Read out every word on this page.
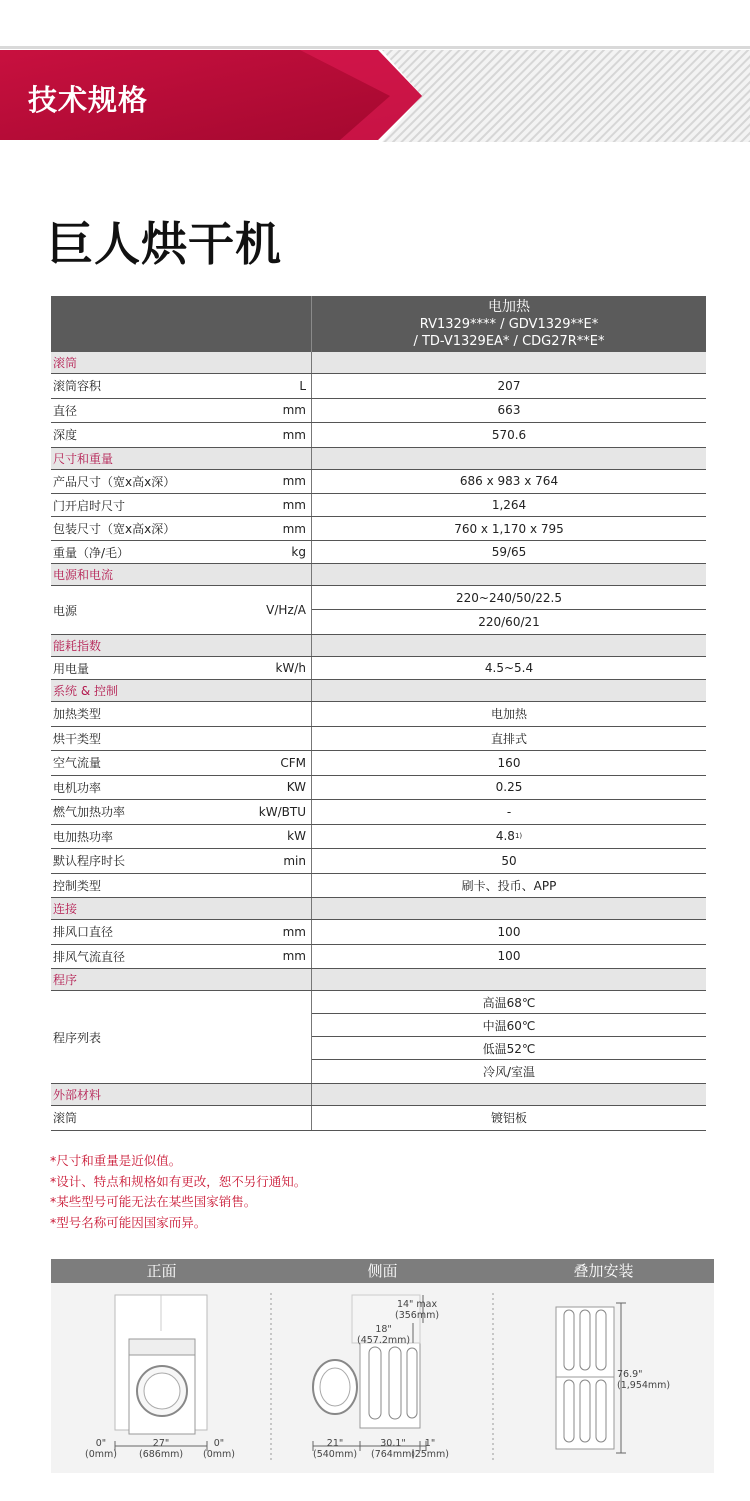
技术规格
巨人烘干机
电加热
RV1329**** / GDV1329**E*
/ TD-V1329EA* / CDG27R**E*
滚筒
滚筒容积	L	207
直径	mm	663
深度	mm	570.6
尺寸和重量
产品尺寸（宽x高x深）	mm	686 x 983 x 764
门开启时尺寸	mm	1,264
包装尺寸（宽x高x深）	mm	760 x 1,170 x 795
重量（净/毛）	kg	59/65
电源和电流
电源	V/Hz/A
220~240/50/22.5
220/60/21
能耗指数
用电量	kW/h	4.5~5.4
系统 & 控制
加热类型	电加热
烘干类型	直排式
空气流量	CFM	160
电机功率	KW	0.25
燃气加热功率	kW/BTU	-
电加热功率	kW	4.8 1)
默认程序时长	min	50
控制类型	刷卡、投币、APP
连接
排风口直径	mm	100
排风气流直径	mm	100
程序
程序列表
高温68℃
中温60℃
低温52℃
冷风/室温
外部材料
滚筒	镀铝板
*尺寸和重量是近似值。
*设计、特点和规格如有更改，恕不另行通知。
*某些型号可能无法在某些国家销售。
*型号名称可能因国家而异。
正面	侧面	叠加安装
0"
(0mm)
27"
(686mm)
0"
(0mm)
14" max
(356mm)
18"
(457.2mm)
21"
(540mm)
30.1"
(764mm)
1"
(25mm)
76.9"
(1,954mm)
